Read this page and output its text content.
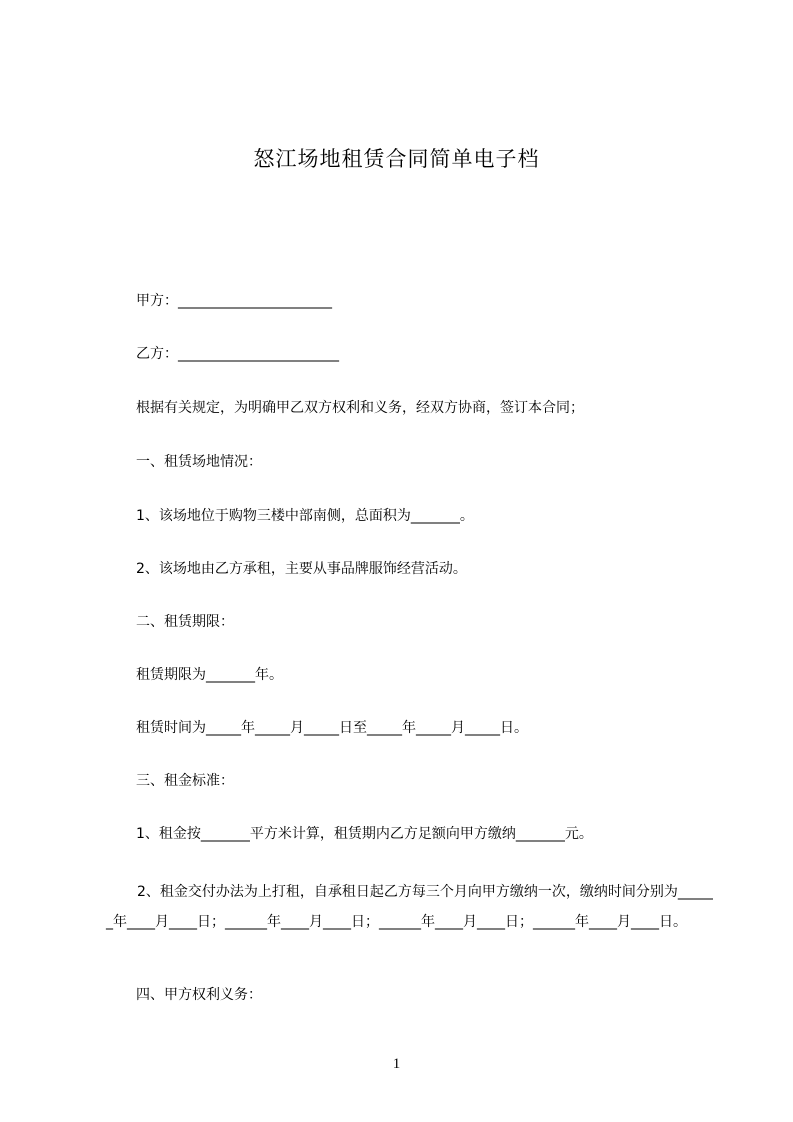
怒江场地租赁合同简单电子档

甲方：______________________

乙方：_______________________

根据有关规定，为明确甲乙双方权利和义务，经双方协商，签订本合同；

一、租赁场地情况：

1、该场地位于购物三楼中部南侧，总面积为_______。

2、该场地由乙方承租，主要从事品牌服饰经营活动。

二、租赁期限：

租赁期限为_______年。

租赁时间为_____年_____月_____日至_____年_____月_____日。

三、租金标准：

1、租金按_______平方米计算，租赁期内乙方足额向甲方缴纳_______元。

2、租金交付办法为上打租，自承租日起乙方每三个月向甲方缴纳一次，缴纳时间分别为______年____月____日；______年____月____日；______年____月____日；______年____月____日。

四、甲方权利义务：

1
